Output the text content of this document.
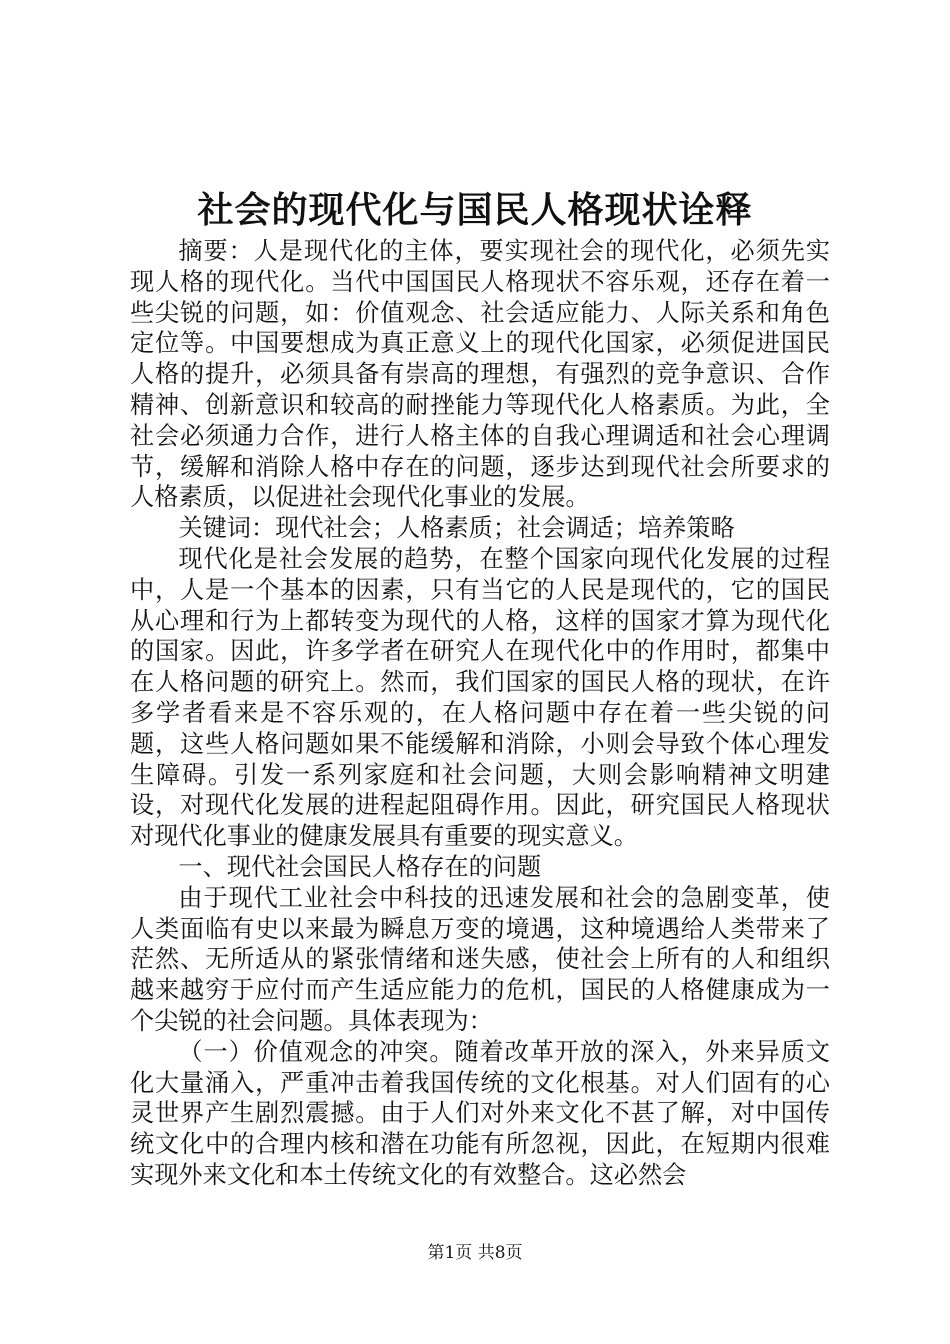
社会的现代化与国民人格现状诠释

摘要：人是现代化的主体，要实现社会的现代化，必须先实现人格的现代化。当代中国国民人格现状不容乐观，还存在着一些尖锐的问题，如：价值观念、社会适应能力、人际关系和角色定位等。中国要想成为真正意义上的现代化国家，必须促进国民人格的提升，必须具备有崇高的理想，有强烈的竞争意识、合作精神、创新意识和较高的耐挫能力等现代化人格素质。为此，全社会必须通力合作，进行人格主体的自我心理调适和社会心理调节，缓解和消除人格中存在的问题，逐步达到现代社会所要求的人格素质，以促进社会现代化事业的发展。

关键词：现代社会；人格素质；社会调适；培养策略

现代化是社会发展的趋势，在整个国家向现代化发展的过程中，人是一个基本的因素，只有当它的人民是现代的，它的国民从心理和行为上都转变为现代的人格，这样的国家才算为现代化的国家。因此，许多学者在研究人在现代化中的作用时，都集中在人格问题的研究上。然而，我们国家的国民人格的现状，在许多学者看来是不容乐观的，在人格问题中存在着一些尖锐的问题，这些人格问题如果不能缓解和消除，小则会导致个体心理发生障碍。引发一系列家庭和社会问题，大则会影响精神文明建设，对现代化发展的进程起阻碍作用。因此，研究国民人格现状对现代化事业的健康发展具有重要的现实意义。

一、现代社会国民人格存在的问题

由于现代工业社会中科技的迅速发展和社会的急剧变革，使人类面临有史以来最为瞬息万变的境遇，这种境遇给人类带来了茫然、无所适从的紧张情绪和迷失感，使社会上所有的人和组织越来越穷于应付而产生适应能力的危机，国民的人格健康成为一个尖锐的社会问题。具体表现为：

（一）价值观念的冲突。随着改革开放的深入，外来异质文化大量涌入，严重冲击着我国传统的文化根基。对人们固有的心灵世界产生剧烈震撼。由于人们对外来文化不甚了解，对中国传统文化中的合理内核和潜在功能有所忽视，因此，在短期内很难实现外来文化和本土传统文化的有效整合。这必然会

第1页 共8页
